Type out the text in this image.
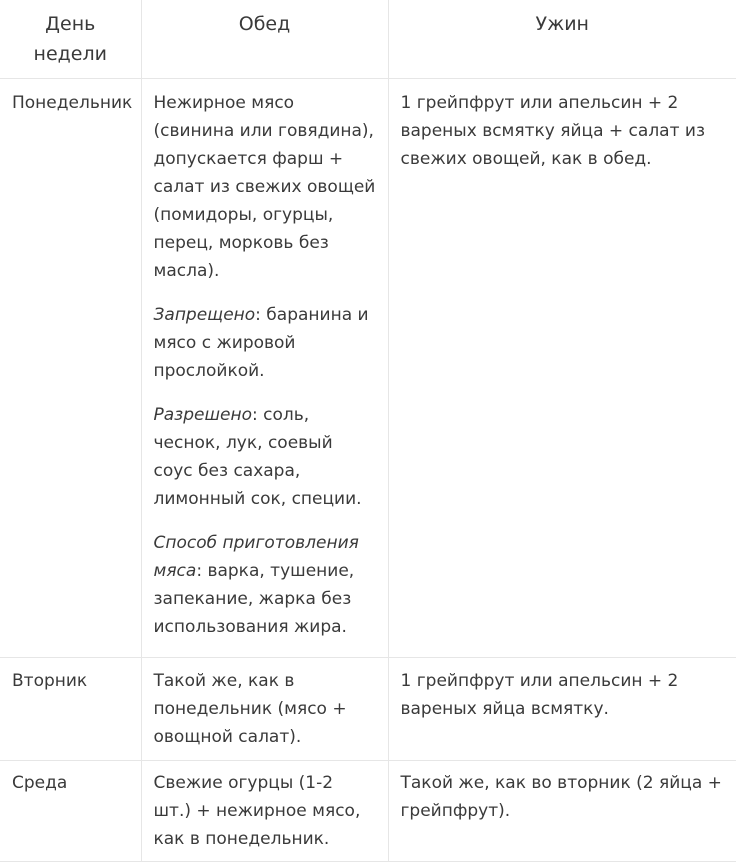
День недели	Обед	Ужин
Понедельник	Нежирное мясо (свинина или говядина), допускается фарш + салат из свежих овощей (помидоры, огурцы, перец, морковь без масла).

Запрещено: баранина и мясо с жировой прослойкой.

Разрешено: соль, чеснок, лук, соевый соус без сахара, лимонный сок, специи.

Способ приготовления мяса: варка, тушение, запекание, жарка без использования жира.	1 грейпфрут или апельсин + 2 вареных всмятку яйца + салат из свежих овощей, как в обед.
Вторник	Такой же, как в понедельник (мясо + овощной салат).	1 грейпфрут или апельсин + 2 вареных яйца всмятку.
Среда	Свежие огурцы (1-2 шт.) + нежирное мясо, как в понедельник.	Такой же, как во вторник (2 яйца + грейпфрут).
